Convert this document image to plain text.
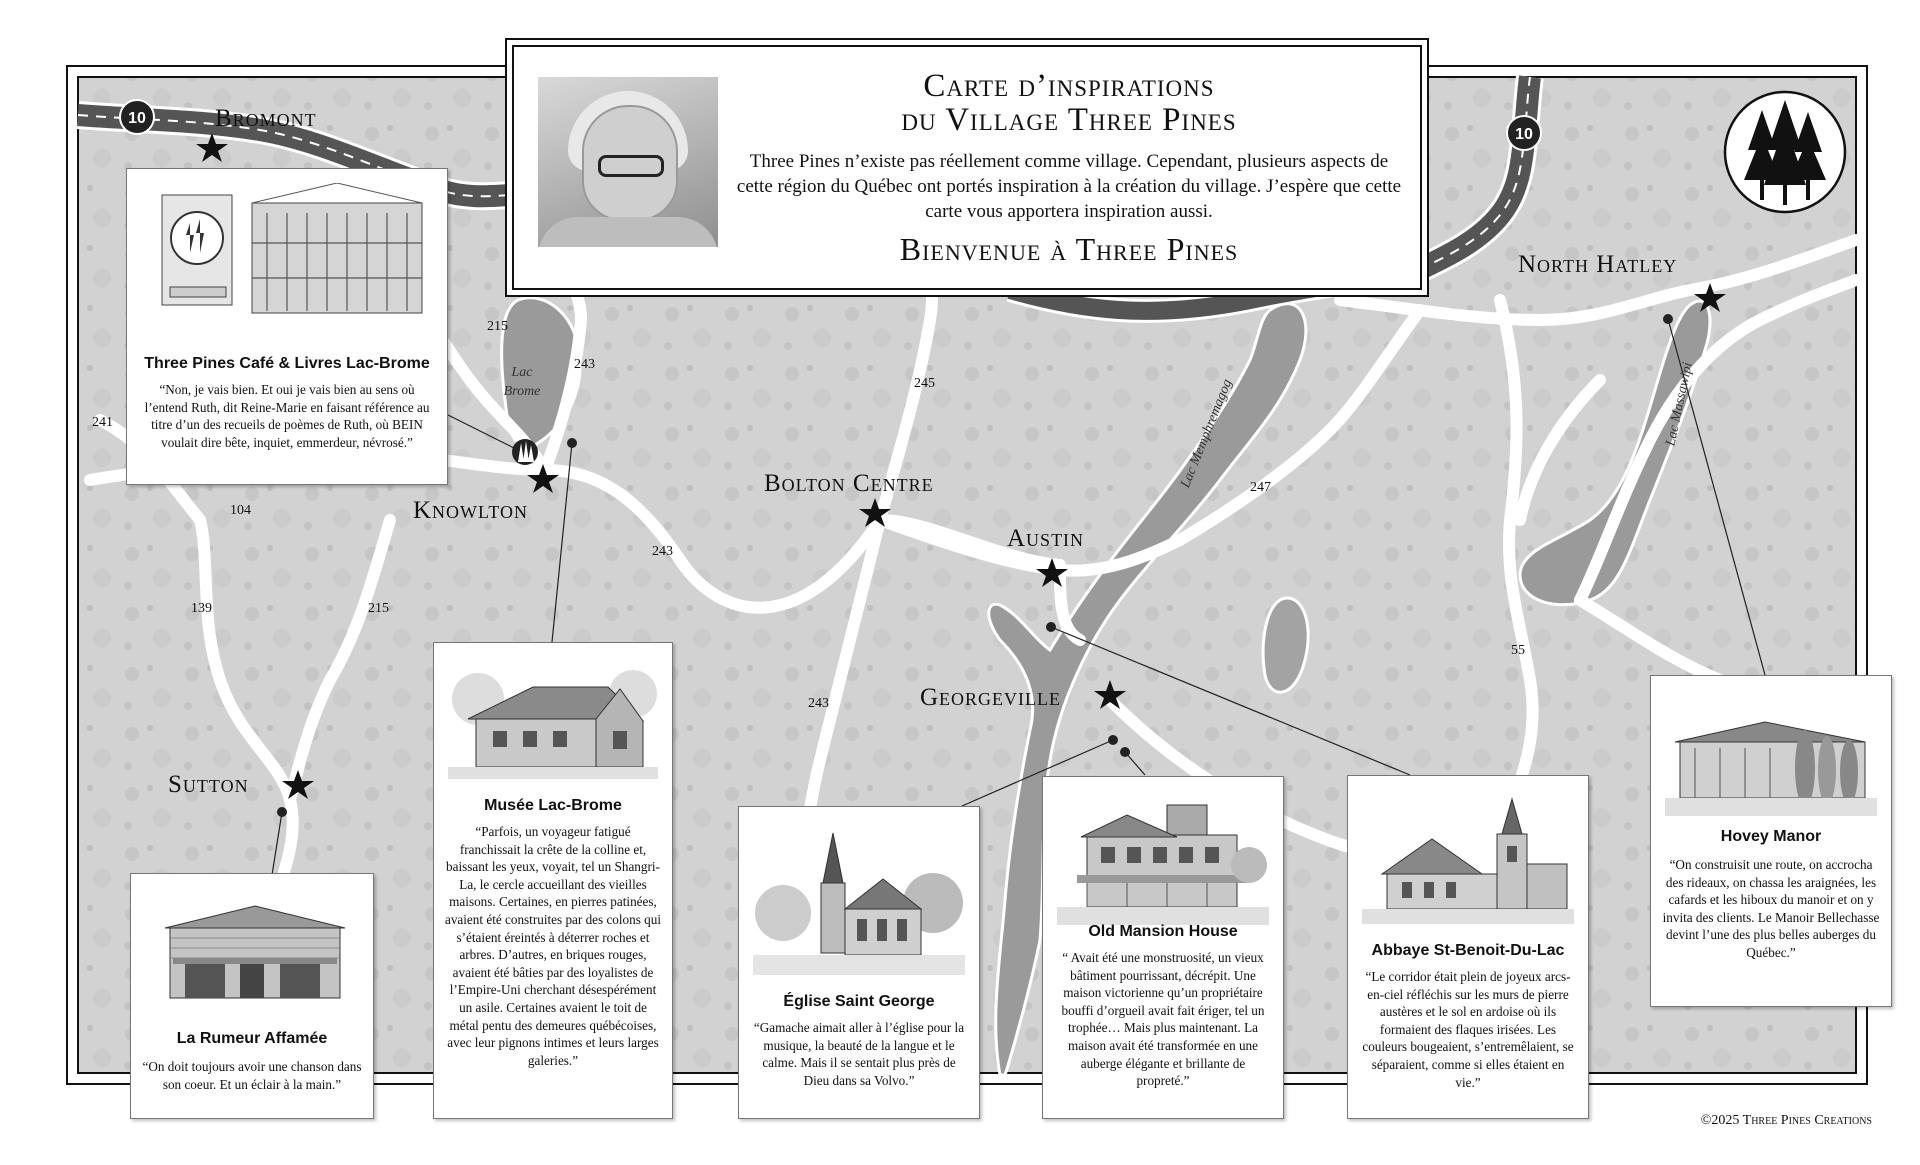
10
10
Bromont
Knowlton
Sutton
Bolton Centre
Austin
Georgeville
North Hatley
Lac
Brome	Lac Memphremagog	Lac Massawipi
215
243
241
245
104
243
247
139	215
243
55
Carte d’inspirations
du Village Three Pines

Three Pines n’existe pas réellement comme village. Cependant, plusieurs aspects de cette région du Québec ont portés inspiration à la création du village. J’espère que cette carte vous apportera inspiration aussi.

Bienvenue à Three Pines
Three Pines Café & Livres Lac-Brome
“Non, je vais bien. Et oui je vais bien au sens où l’entend Ruth, dit Reine-Marie en faisant référence au titre d’un des recueils de poèmes de Ruth, où BEIN voulait dire bête, inquiet, emmerdeur, névrosé.”
Musée Lac-Brome
“Parfois, un voyageur fatigué franchissait la crête de la colline et, baissant les yeux, voyait, tel un Shangri-La, le cercle accueillant des vieilles maisons. Certaines, en pierres patinées, avaient été construites par des colons qui s’étaient éreintés à déterrer roches et arbres. D’autres, en briques rouges, avaient été bâties par des loyalistes de l’Empire-Uni cherchant désespérément un asile. Certaines avaient le toit de métal pentu des demeures québécoises, avec leur pignons intimes et leurs larges galeries.”
La Rumeur Affamée
“On doit toujours avoir une chanson dans son coeur. Et un éclair à la main.”
Église Saint George
“Gamache aimait aller à l’église pour la musique, la beauté de la langue et le calme. Mais il se sentait plus près de Dieu dans sa Volvo.”
Old Mansion House
“ Avait été une monstruosité, un vieux bâtiment pourrissant, décrépit. Une maison victorienne qu’un propriétaire bouffi d’orgueil avait fait ériger, tel un trophée… Mais plus maintenant. La maison avait été transformée en une auberge élégante et brillante de propreté.”
Abbaye St-Benoit-Du-Lac
“Le corridor était plein de joyeux arcs-en-ciel réfléchis sur les murs de pierre austères et le sol en ardoise où ils formaient des flaques irisées. Les couleurs bougeaient, s’entremêlaient, se séparaient, comme si elles étaient en vie.”
Hovey Manor
“On construisit une route, on accrocha des rideaux, on chassa les araignées, les cafards et les hiboux du manoir et on y invita des clients. Le Manoir Bellechasse devint l’une des plus belles auberges du Québec.”
©2025 Three Pines Creations
